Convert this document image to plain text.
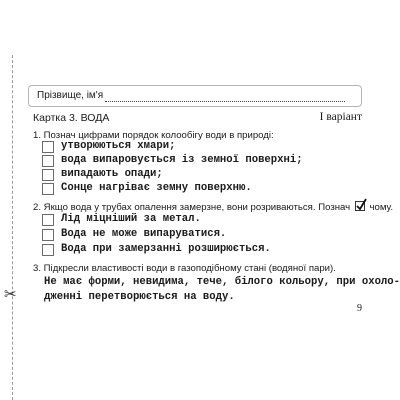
✂
Прізвище, ім'я
Картка 3. ВОДА	I варіант
1. Познач цифрами порядок колообігу води в природі:
утворюються хмари;
вода випаровується із земної поверхні;
випадають опади;
Сонце нагріває земну поверхню.
2. Якщо вода у трубах опалення замерзне, вони розриваються. Познач чому.
Лід міцніший за метал.
Вода не може випаруватися.
Вода при замерзанні розширюється.
3. Підкресли властивості води в газоподібному стані (водяної пари).
Не має форми, невидима, тече, білого кольору, при охоло-
дженні перетворюється на воду.
9
